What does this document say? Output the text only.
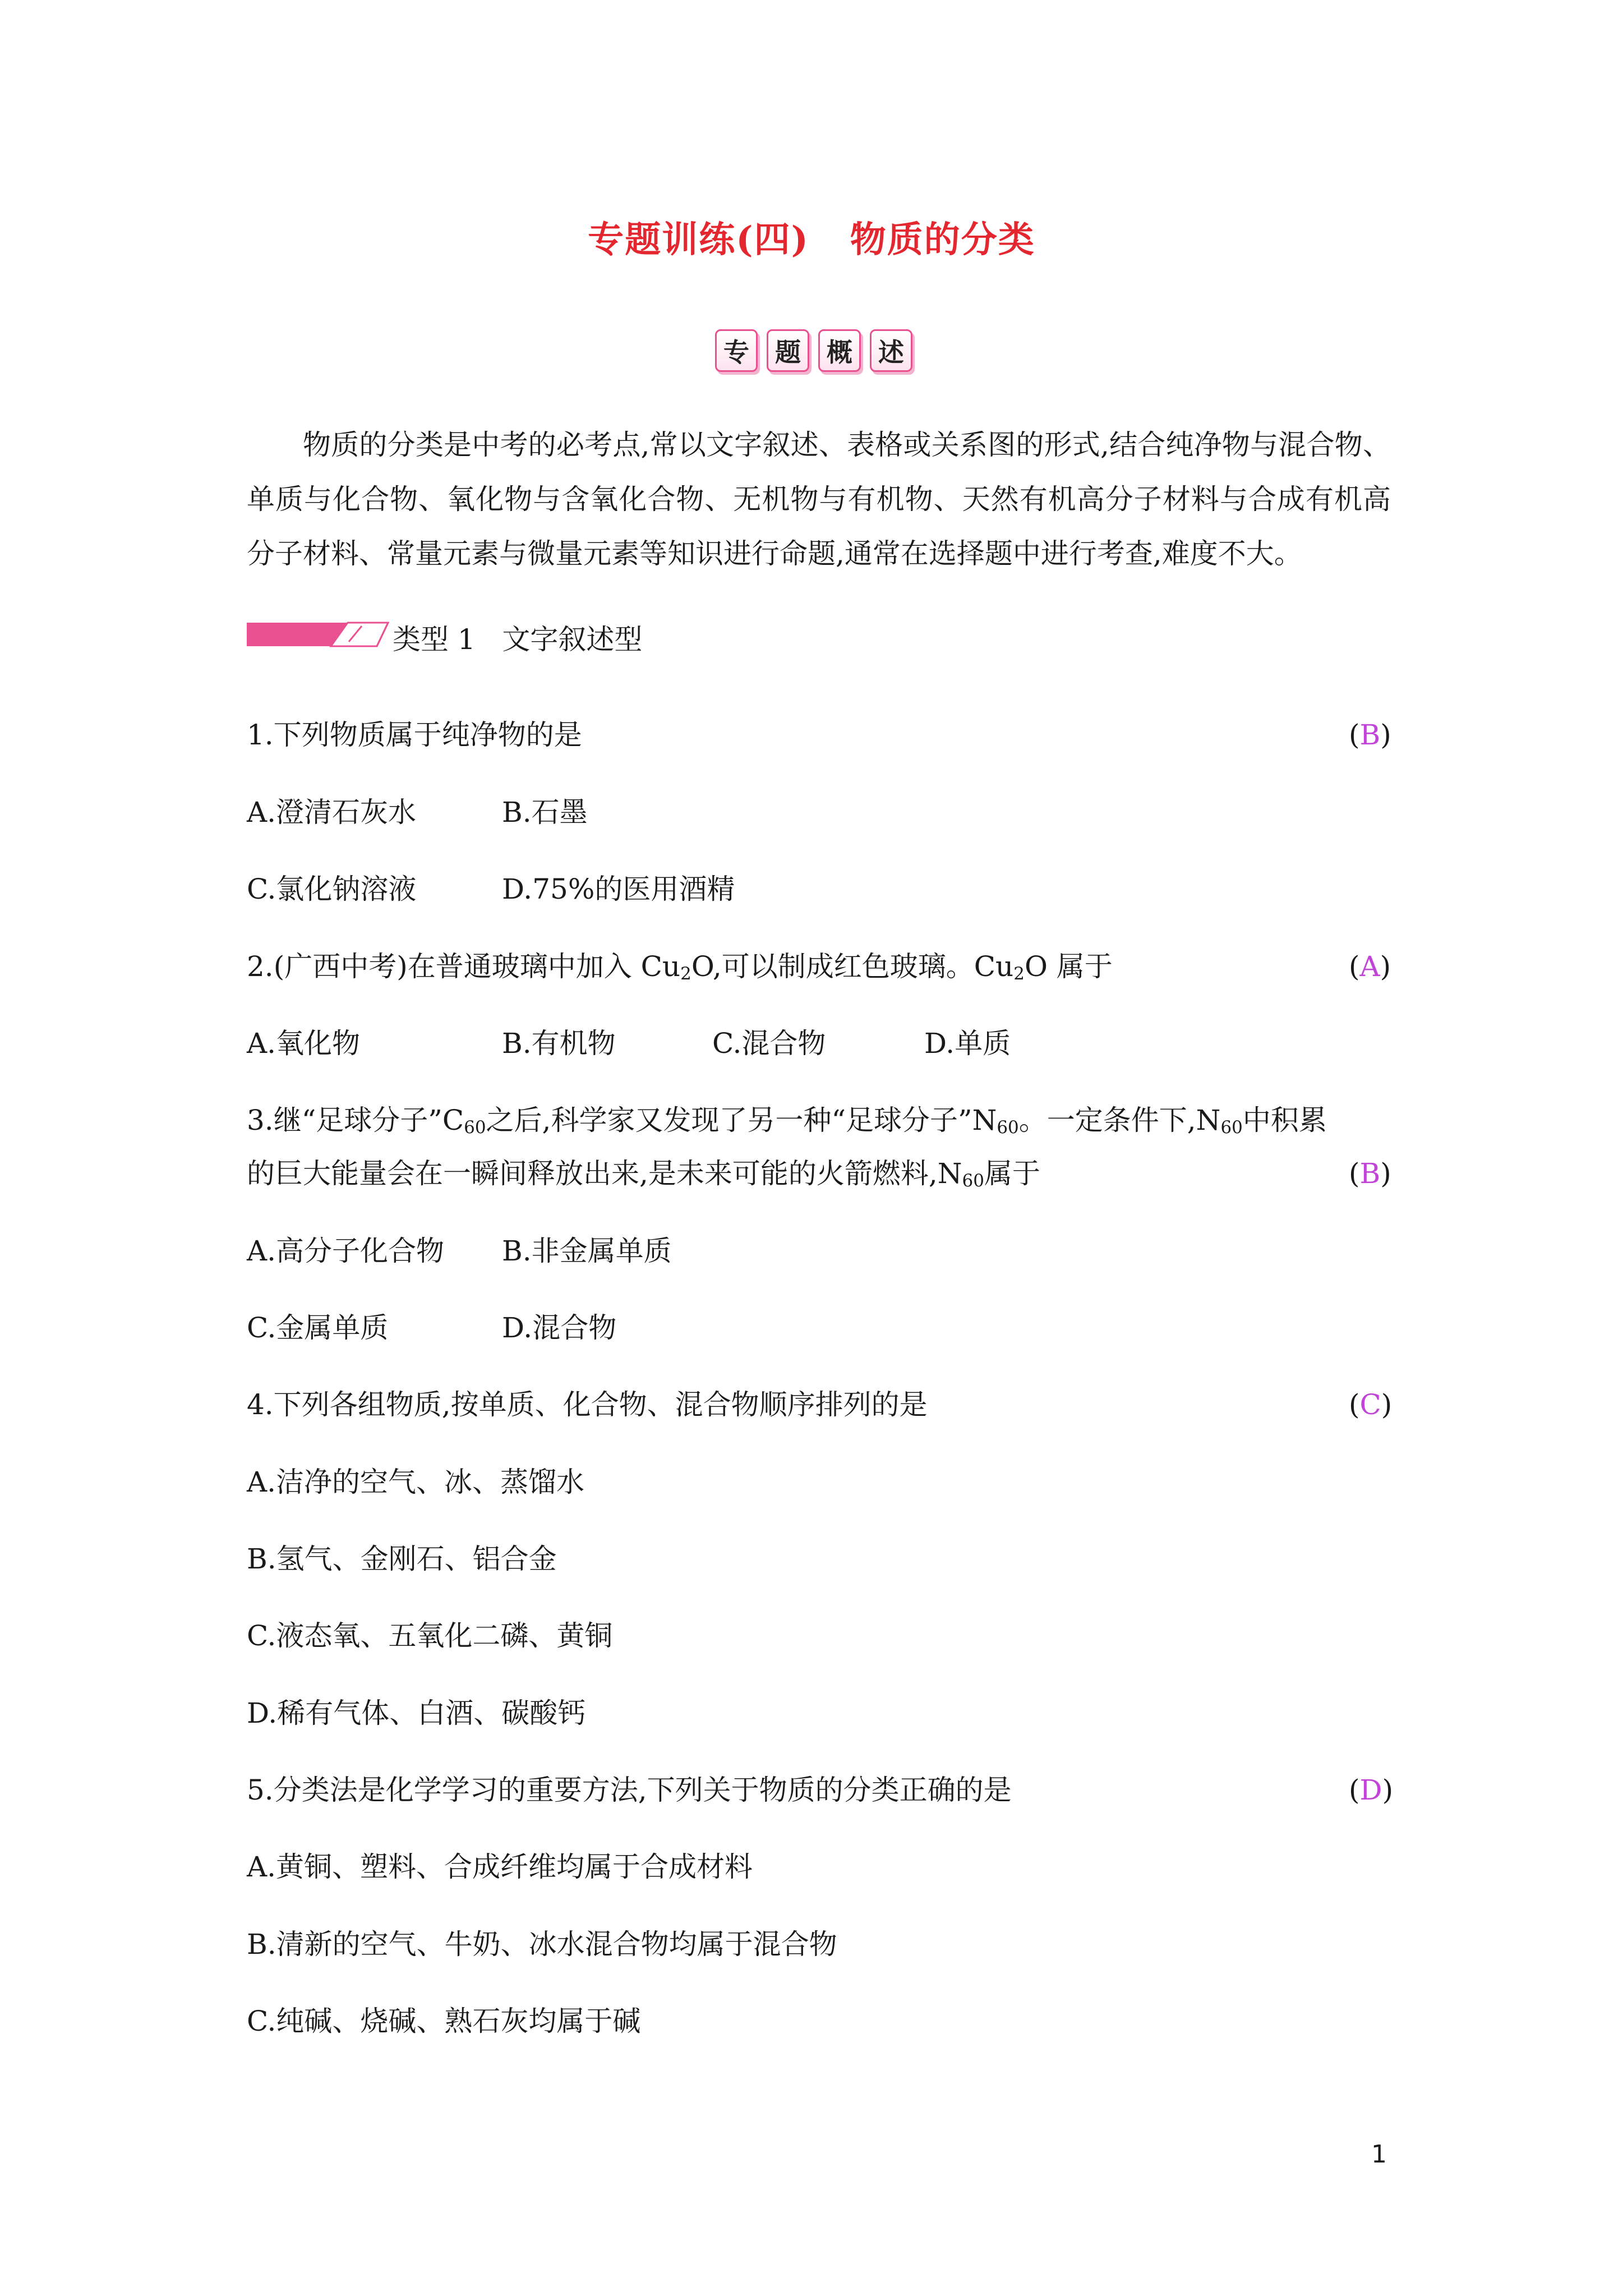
专题训练(四)   物质的分类
专	题	概	述
物质的分类是中考的必考点,常以文字叙述、表格或关系图的形式,结合纯净物与混合物、单质与化合物、氧化物与含氧化合物、无机物与有机物、天然有机高分子材料与合成有机高分子材料、常量元素与微量元素等知识进行命题,通常在选择题中进行考查,难度不大。
类型 1   文字叙述型
1.下列物质属于纯净物的是	(B)
A.澄清石灰水	B.石墨
C.氯化钠溶液	D.75%的医用酒精
2.(广西中考)在普通玻璃中加入 $Cu_2O$,可以制成红色玻璃。$Cu_2O$ 属于	(A)
A.氧化物	B.有机物	C.混合物	D.单质
3.继“足球分子$”C_{60}$之后,科学家又发现了另一种“足球分子$”N_{60}$。一定条件下$,N_{60}$中积累
的巨大能量会在一瞬间释放出来,是未来可能的火箭燃料$,N_{60}$属于	(B)
A.高分子化合物 B.非金属单质
C.金属单质	D.混合物
4.下列各组物质,按单质、化合物、混合物顺序排列的是	(C)
A.洁净的空气、冰、蒸馏水
B.氢气、金刚石、铝合金
C.液态氧、五氧化二磷、黄铜
D.稀有气体、白酒、碳酸钙
5.分类法是化学学习的重要方法,下列关于物质的分类正确的是	(D)
A.黄铜、塑料、合成纤维均属于合成材料
B.清新的空气、牛奶、冰水混合物均属于混合物
C.纯碱、烧碱、熟石灰均属于碱
1
